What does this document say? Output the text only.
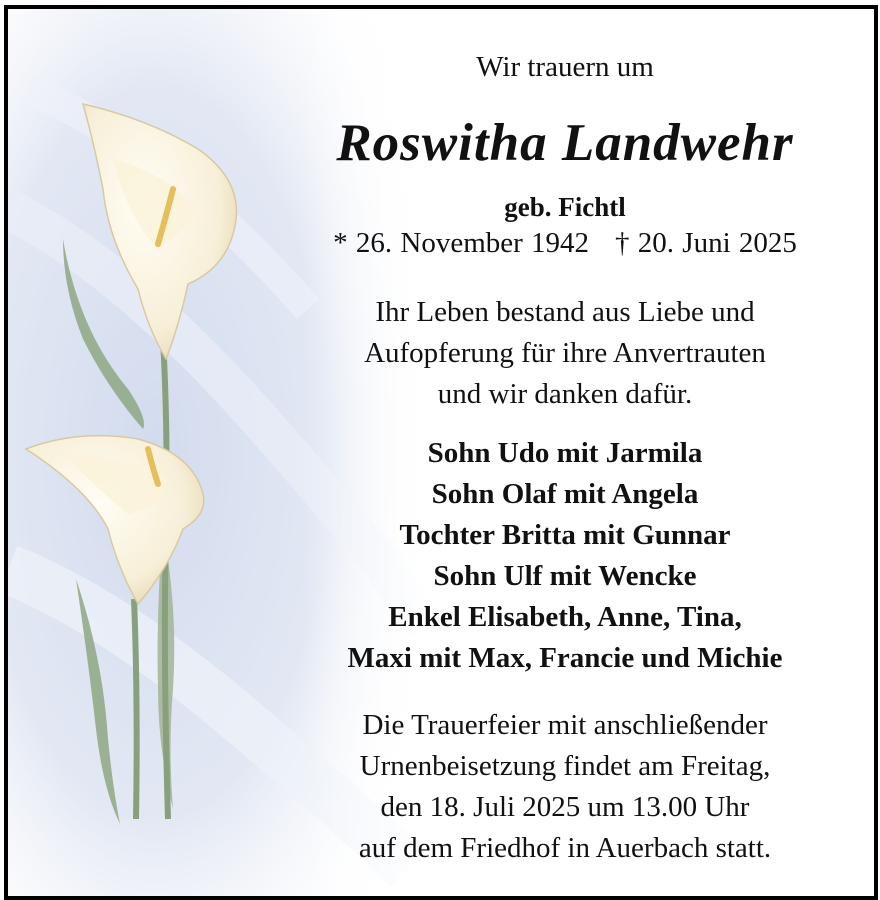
Wir trauern um
Roswitha Landwehr
geb. Fichtl
* 26. November 1942 † 20. Juni 2025
Ihr Leben bestand aus Liebe und
Aufopferung für ihre Anvertrauten
und wir danken dafür.
Sohn Udo mit Jarmila
Sohn Olaf mit Angela
Tochter Britta mit Gunnar
Sohn Ulf mit Wencke
Enkel Elisabeth, Anne, Tina,
Maxi mit Max, Francie und Michie
Die Trauerfeier mit anschließender
Urnenbeisetzung findet am Freitag,
den 18. Juli 2025 um 13.00 Uhr
auf dem Friedhof in Auerbach statt.
